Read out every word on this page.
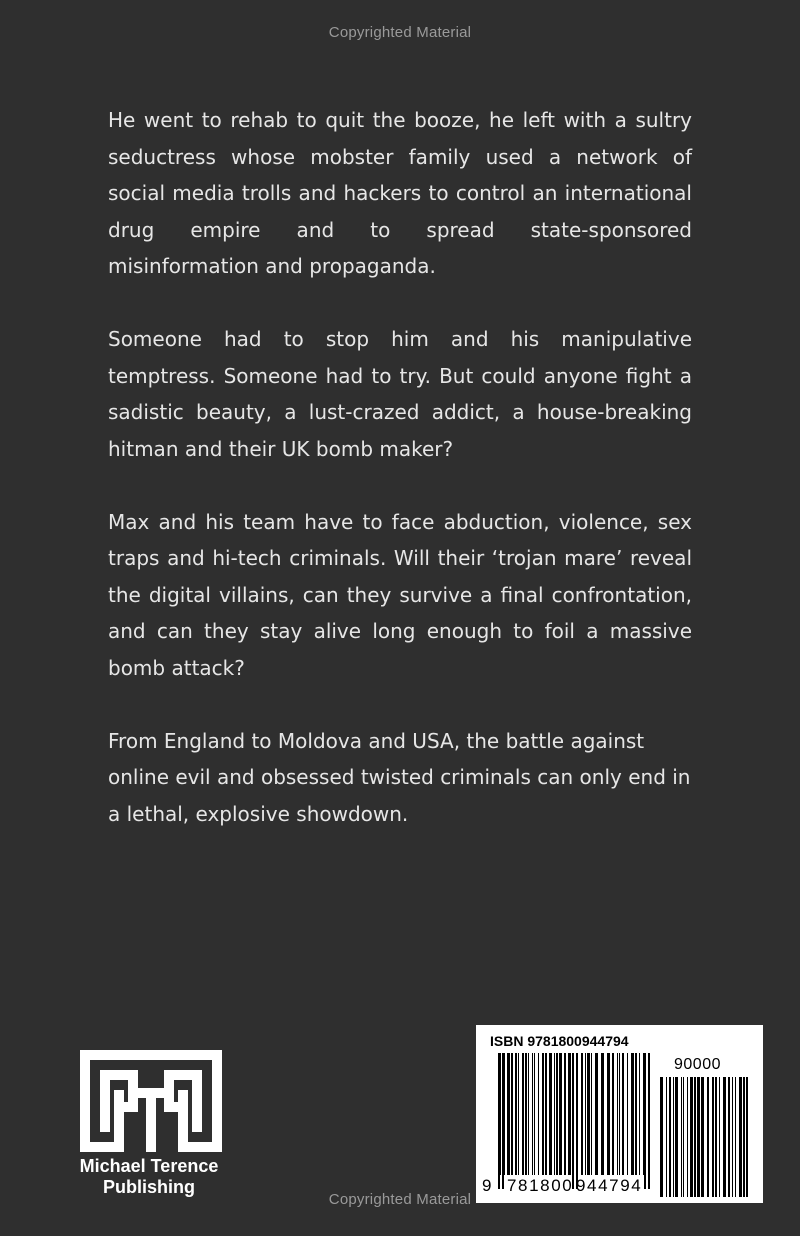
Copyrighted Material

He went to rehab to quit the booze, he left with a sultry seductress whose mobster family used a network of social media trolls and hackers to control an international drug empire and to spread state-sponsored misinformation and propaganda.

Someone had to stop him and his manipulative temptress. Someone had to try. But could anyone fight a sadistic beauty, a lust-crazed addict, a house-breaking hitman and their UK bomb maker?

Max and his team have to face abduction, violence, sex traps and hi-tech criminals. Will their ‘trojan mare’ reveal the digital villains, can they survive a final confrontation, and can they stay alive long enough to foil a massive bomb attack?

From England to Moldova and USA, the battle against online evil and obsessed twisted criminals can only end in a lethal, explosive showdown.

Michael Terence
Publishing
ISBN 9781800944794
90000
9 781800 944794
Copyrighted Material
